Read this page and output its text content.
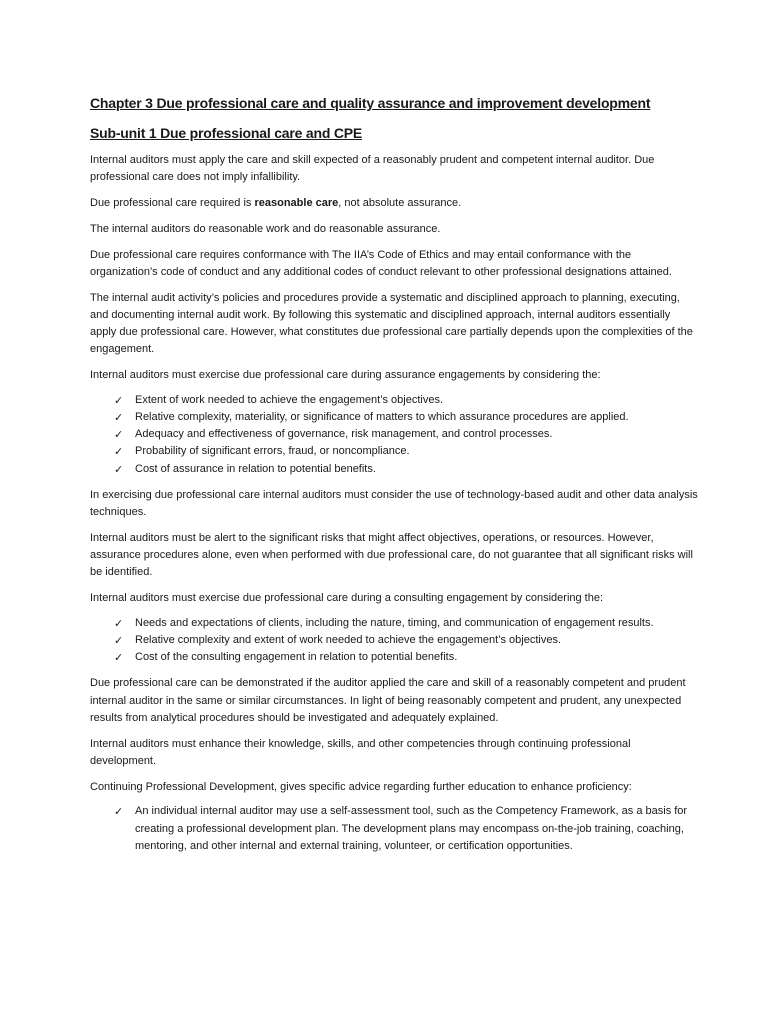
Chapter 3 Due professional care and quality assurance and improvement development
Sub-unit 1 Due professional care and CPE

Internal auditors must apply the care and skill expected of a reasonably prudent and competent internal auditor. Due professional care does not imply infallibility.

Due professional care required is reasonable care, not absolute assurance.

The internal auditors do reasonable work and do reasonable assurance.

Due professional care requires conformance with The IIA’s Code of Ethics and may entail conformance with the organization’s code of conduct and any additional codes of conduct relevant to other professional designations attained.

The internal audit activity’s policies and procedures provide a systematic and disciplined approach to planning, executing, and documenting internal audit work. By following this systematic and disciplined approach, internal auditors essentially apply due professional care. However, what constitutes due professional care partially depends upon the complexities of the engagement.

Internal auditors must exercise due professional care during assurance engagements by considering the:

✓ Extent of work needed to achieve the engagement’s objectives.
✓ Relative complexity, materiality, or significance of matters to which assurance procedures are applied.
✓ Adequacy and effectiveness of governance, risk management, and control processes.
✓ Probability of significant errors, fraud, or noncompliance.
✓ Cost of assurance in relation to potential benefits.

In exercising due professional care internal auditors must consider the use of technology-based audit and other data analysis techniques.

Internal auditors must be alert to the significant risks that might affect objectives, operations, or resources. However, assurance procedures alone, even when performed with due professional care, do not guarantee that all significant risks will be identified.

Internal auditors must exercise due professional care during a consulting engagement by considering the:

✓ Needs and expectations of clients, including the nature, timing, and communication of engagement results.
✓ Relative complexity and extent of work needed to achieve the engagement’s objectives.
✓ Cost of the consulting engagement in relation to potential benefits.

Due professional care can be demonstrated if the auditor applied the care and skill of a reasonably competent and prudent internal auditor in the same or similar circumstances. In light of being reasonably competent and prudent, any unexpected results from analytical procedures should be investigated and adequately explained.

Internal auditors must enhance their knowledge, skills, and other competencies through continuing professional development.

Continuing Professional Development, gives specific advice regarding further education to enhance proficiency:

✓ An individual internal auditor may use a self-assessment tool, such as the Competency Framework, as a basis for creating a professional development plan. The development plans may encompass on-the-job training, coaching, mentoring, and other internal and external training, volunteer, or certification opportunities.
